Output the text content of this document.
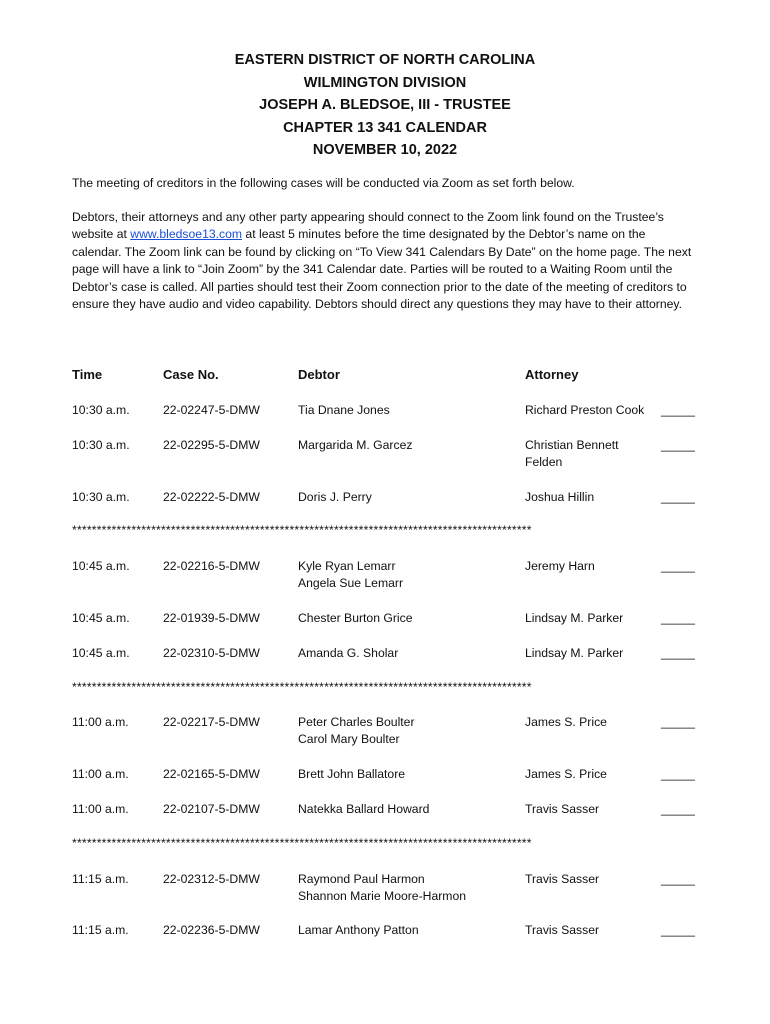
EASTERN DISTRICT OF NORTH CAROLINA
WILMINGTON DIVISION
JOSEPH A. BLEDSOE, III - TRUSTEE
CHAPTER 13 341 CALENDAR
NOVEMBER 10, 2022

The meeting of creditors in the following cases will be conducted via Zoom as set forth below.

Debtors, their attorneys and any other party appearing should connect to the Zoom link found on the Trustee’s website at www.bledsoe13.com at least 5 minutes before the time designated by the Debtor’s name on the calendar. The Zoom link can be found by clicking on “To View 341 Calendars By Date” on the home page. The next page will have a link to “Join Zoom” by the 341 Calendar date. Parties will be routed to a Waiting Room until the Debtor’s case is called. All parties should test their Zoom connection prior to the date of the meeting of creditors to ensure they have audio and video capability. Debtors should direct any questions they may have to their attorney.

Time	Case No.	Debtor	Attorney
10:30 a.m.	22-02247-5-DMW	Tia Dnane Jones	Richard Preston Cook _____
10:30 a.m.	22-02295-5-DMW	Margarida M. Garcez	Christian Bennett
Felden
_____
10:30 a.m.	22-02222-5-DMW	Doris J. Perry	Joshua Hillin	_____
*********************************************************************************************
10:45 a.m.	22-02216-5-DMW	Kyle Ryan Lemarr
Angela Sue Lemarr
Jeremy Harn	_____
10:45 a.m.	22-01939-5-DMW	Chester Burton Grice	Lindsay M. Parker	_____
10:45 a.m.	22-02310-5-DMW	Amanda G. Sholar	Lindsay M. Parker	_____
*********************************************************************************************
11:00 a.m.	22-02217-5-DMW	Peter Charles Boulter
Carol Mary Boulter
James S. Price	_____
11:00 a.m.	22-02165-5-DMW	Brett John Ballatore	James S. Price	_____
11:00 a.m.	22-02107-5-DMW	Natekka Ballard Howard	Travis Sasser	_____
*********************************************************************************************
11:15 a.m.	22-02312-5-DMW	Raymond Paul Harmon
Shannon Marie Moore-Harmon
Travis Sasser	_____
11:15 a.m.	22-02236-5-DMW	Lamar Anthony Patton	Travis Sasser	_____
